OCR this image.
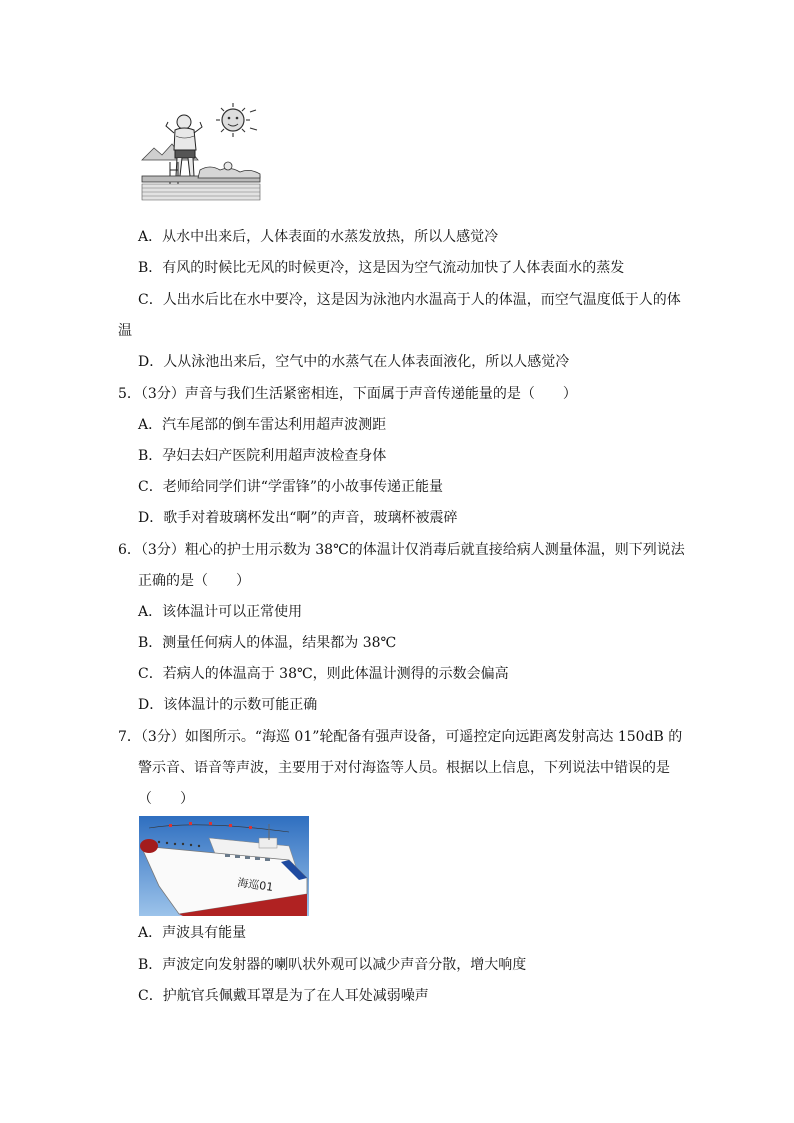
A．从水中出来后，人体表面的水蒸发放热，所以人感觉冷
B．有风的时候比无风的时候更冷，这是因为空气流动加快了人体表面水的蒸发
C．人出水后比在水中要冷，这是因为泳池内水温高于人的体温，而空气温度低于人的体
温
D．人从泳池出来后，空气中的水蒸气在人体表面液化，所以人感觉冷
5．（3分）声音与我们生活紧密相连，下面属于声音传递能量的是（　　）
A．汽车尾部的倒车雷达利用超声波测距
B．孕妇去妇产医院利用超声波检查身体
C．老师给同学们讲“学雷锋”的小故事传递正能量
D．歌手对着玻璃杯发出“啊”的声音，玻璃杯被震碎
6．（3分）粗心的护士用示数为 38℃的体温计仅消毒后就直接给病人测量体温，则下列说法
正确的是（　　）
A．该体温计可以正常使用
B．测量任何病人的体温，结果都为 38℃
C．若病人的体温高于 38℃，则此体温计测得的示数会偏高
D．该体温计的示数可能正确
7．（3分）如图所示。“海巡 01”轮配备有强声设备，可遥控定向远距离发射高达 150dB 的
警示音、语音等声波，主要用于对付海盗等人员。根据以上信息，下列说法中错误的是
（　　）
海巡01
A．声波具有能量
B．声波定向发射器的喇叭状外观可以减少声音分散，增大响度
C．护航官兵佩戴耳罩是为了在人耳处减弱噪声
